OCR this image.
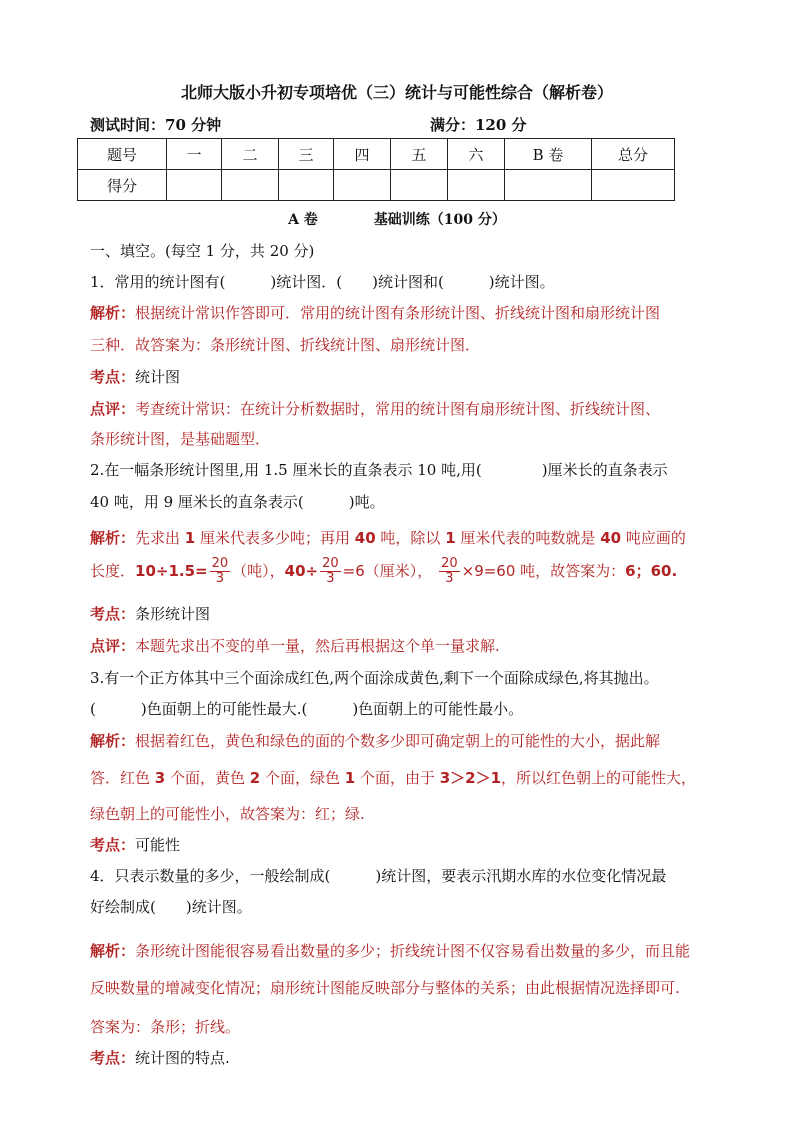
北师大版小升初专项培优（三）统计与可能性综合（解析卷）
测试时间：70 分钟	满分：120 分
题号	一	二	三	四	五	六	B 卷	总分
得分								
A 卷	基础训练（100 分）
一、填空。(每空 1 分，共 20 分)
1．常用的统计图有(　　　)统计图．(　　)统计图和(　　　)统计图。
解析：根据统计常识作答即可．常用的统计图有条形统计图、折线统计图和扇形统计图
三种．故答案为：条形统计图、折线统计图、扇形统计图．
考点：统计图
点评：考查统计常识：在统计分析数据时，常用的统计图有扇形统计图、折线统计图、
条形统计图，是基础题型．
2.在一幅条形统计图里,用 1.5 厘米长的直条表示 10 吨,用(　　　　)厘米长的直条表示
40 吨，用 9 厘米长的直条表示(　　　)吨。
解析：先求出 1 厘米代表多少吨；再用 40 吨，除以 1 厘米代表的吨数就是 40 吨应画的
长度．$10\div 1.5= \frac{20}{3}$ （吨），$40\div \frac{20}{3} =6$（厘米）， $\frac{20}{3} \times 9=60$ 吨，故答案为：6；60.
考点：条形统计图
点评：本题先求出不变的单一量，然后再根据这个单一量求解.
3.有一个正方体其中三个面涂成红色,两个面涂成黄色,剩下一个面除成绿色,将其抛出。
(　　　)色面朝上的可能性最大.(　　　)色面朝上的可能性最小。
解析：根据着红色，黄色和绿色的面的个数多少即可确定朝上的可能性的大小，据此解
答．红色 3 个面，黄色 2 个面，绿色 1 个面，由于 3＞2＞1，所以红色朝上的可能性大，
绿色朝上的可能性小，故答案为：红；绿.
考点：可能性
4．只表示数量的多少，一般绘制成(　　　)统计图，要表示汛期水库的水位变化情况最
好绘制成(　　)统计图。
解析：条形统计图能很容易看出数量的多少；折线统计图不仅容易看出数量的多少，而且能
反映数量的增减变化情况；扇形统计图能反映部分与整体的关系；由此根据情况选择即可.
答案为：条形；折线。
考点：统计图的特点.
